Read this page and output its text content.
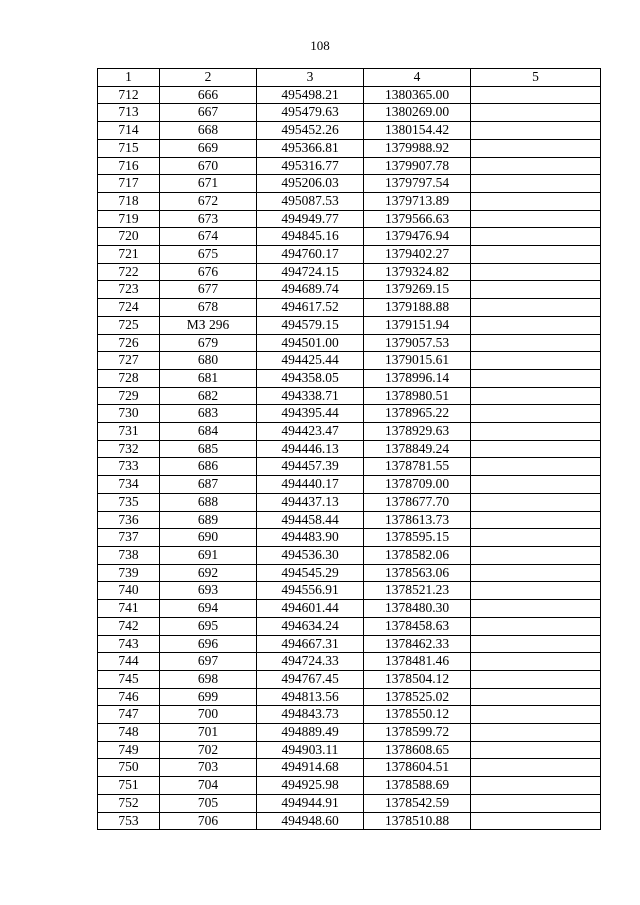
108
1	2	3	4	5
712	666	495498.21	1380365.00	
713	667	495479.63	1380269.00	
714	668	495452.26	1380154.42	
715	669	495366.81	1379988.92	
716	670	495316.77	1379907.78	
717	671	495206.03	1379797.54	
718	672	495087.53	1379713.89	
719	673	494949.77	1379566.63	
720	674	494845.16	1379476.94	
721	675	494760.17	1379402.27	
722	676	494724.15	1379324.82	
723	677	494689.74	1379269.15	
724	678	494617.52	1379188.88	
725	МЗ 296	494579.15	1379151.94	
726	679	494501.00	1379057.53	
727	680	494425.44	1379015.61	
728	681	494358.05	1378996.14	
729	682	494338.71	1378980.51	
730	683	494395.44	1378965.22	
731	684	494423.47	1378929.63	
732	685	494446.13	1378849.24	
733	686	494457.39	1378781.55	
734	687	494440.17	1378709.00	
735	688	494437.13	1378677.70	
736	689	494458.44	1378613.73	
737	690	494483.90	1378595.15	
738	691	494536.30	1378582.06	
739	692	494545.29	1378563.06	
740	693	494556.91	1378521.23	
741	694	494601.44	1378480.30	
742	695	494634.24	1378458.63	
743	696	494667.31	1378462.33	
744	697	494724.33	1378481.46	
745	698	494767.45	1378504.12	
746	699	494813.56	1378525.02	
747	700	494843.73	1378550.12	
748	701	494889.49	1378599.72	
749	702	494903.11	1378608.65	
750	703	494914.68	1378604.51	
751	704	494925.98	1378588.69	
752	705	494944.91	1378542.59	
753	706	494948.60	1378510.88	
